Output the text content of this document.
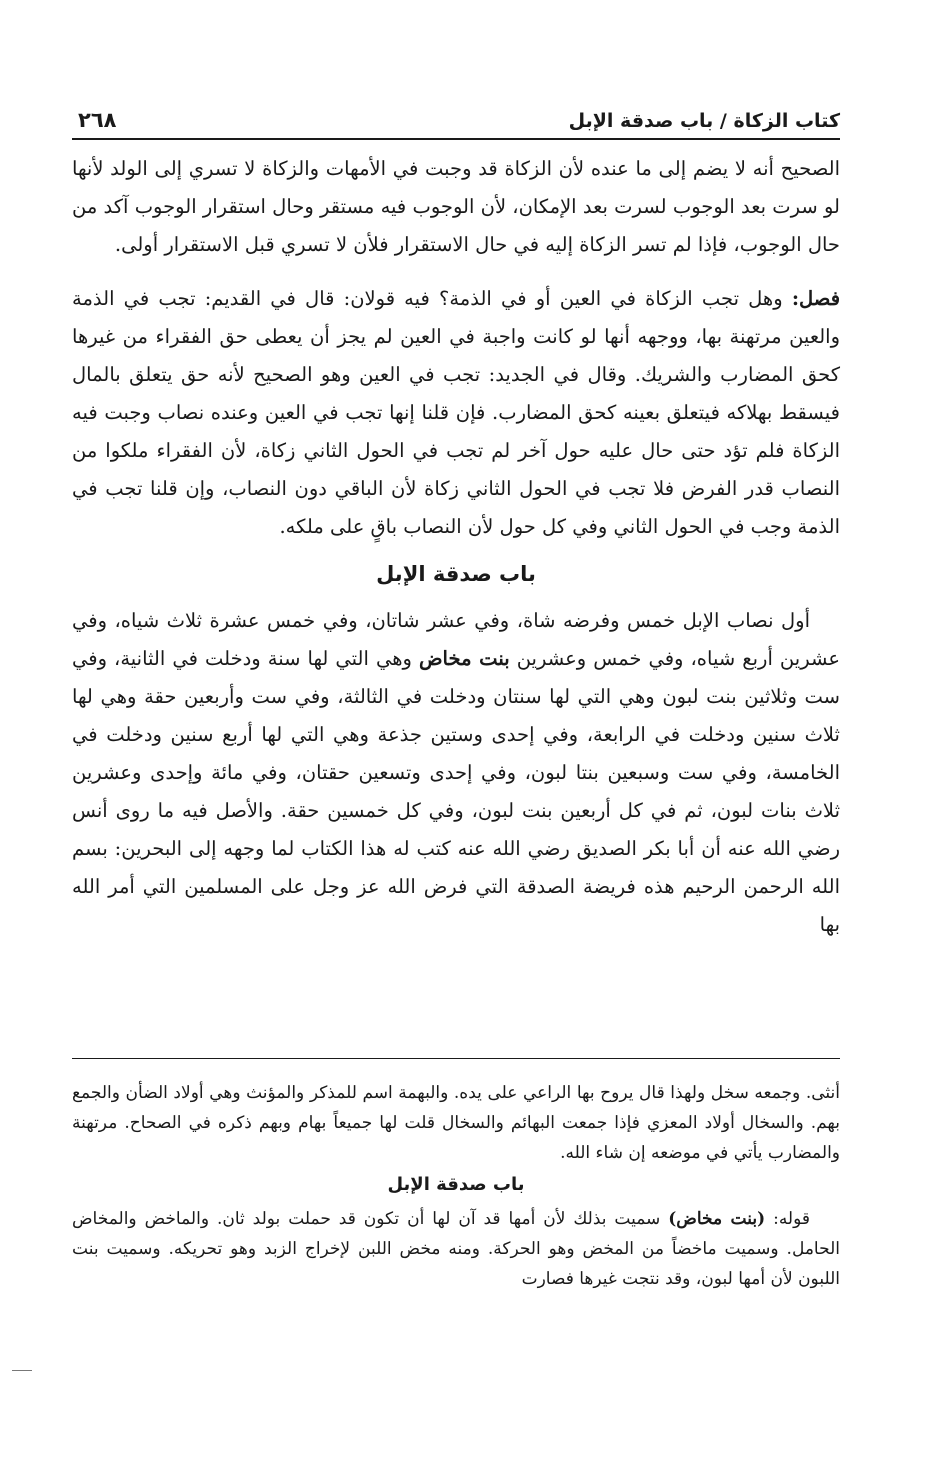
كتاب الزكاة / باب صدقة الإبل
٢٦٨

الصحيح أنه لا يضم إلى ما عنده لأن الزكاة قد وجبت في الأمهات والزكاة لا تسري إلى الولد لأنها لو سرت بعد الوجوب لسرت بعد الإمكان، لأن الوجوب فيه مستقر وحال استقرار الوجوب آكد من حال الوجوب، فإذا لم تسر الزكاة إليه في حال الاستقرار فلأن لا تسري قبل الاستقرار أولى.

فصل: وهل تجب الزكاة في العين أو في الذمة؟ فيه قولان: قال في القديم: تجب في الذمة والعين مرتهنة بها، ووجهه أنها لو كانت واجبة في العين لم يجز أن يعطى حق الفقراء من غيرها كحق المضارب والشريك. وقال في الجديد: تجب في العين وهو الصحيح لأنه حق يتعلق بالمال فيسقط بهلاكه فيتعلق بعينه كحق المضارب. فإن قلنا إنها تجب في العين وعنده نصاب وجبت فيه الزكاة فلم تؤد حتى حال عليه حول آخر لم تجب في الحول الثاني زكاة، لأن الفقراء ملكوا من النصاب قدر الفرض فلا تجب في الحول الثاني زكاة لأن الباقي دون النصاب، وإن قلنا تجب في الذمة وجب في الحول الثاني وفي كل حول لأن النصاب باقٍ على ملكه.

باب صدقة الإبل

أول نصاب الإبل خمس وفرضه شاة، وفي عشر شاتان، وفي خمس عشرة ثلاث شياه، وفي عشرين أربع شياه، وفي خمس وعشرين بنت مخاض وهي التي لها سنة ودخلت في الثانية، وفي ست وثلاثين بنت لبون وهي التي لها سنتان ودخلت في الثالثة، وفي ست وأربعين حقة وهي لها ثلاث سنين ودخلت في الرابعة، وفي إحدى وستين جذعة وهي التي لها أربع سنين ودخلت في الخامسة، وفي ست وسبعين بنتا لبون، وفي إحدى وتسعين حقتان، وفي مائة وإحدى وعشرين ثلاث بنات لبون، ثم في كل أربعين بنت لبون، وفي كل خمسين حقة. والأصل فيه ما روى أنس رضي الله عنه أن أبا بكر الصديق رضي الله عنه كتب له هذا الكتاب لما وجهه إلى البحرين: بسم الله الرحمن الرحيم هذه فريضة الصدقة التي فرض الله عز وجل على المسلمين التي أمر الله بها

أنثى. وجمعه سخل ولهذا قال يروح بها الراعي على يده. والبهمة اسم للمذكر والمؤنث وهي أولاد الضأن والجمع بهم. والسخال أولاد المعزي فإذا جمعت البهائم والسخال قلت لها جميعاً بهام وبهم ذكره في الصحاح. مرتهنة والمضارب يأتي في موضعه إن شاء الله.

باب صدقة الإبل

قوله: (بنت مخاض) سميت بذلك لأن أمها قد آن لها أن تكون قد حملت بولد ثان. والماخض والمخاض الحامل. وسميت ماخضاً من المخض وهو الحركة. ومنه مخض اللبن لإخراج الزبد وهو تحريكه. وسميت بنت اللبون لأن أمها لبون، وقد نتجت غيرها فصارت
